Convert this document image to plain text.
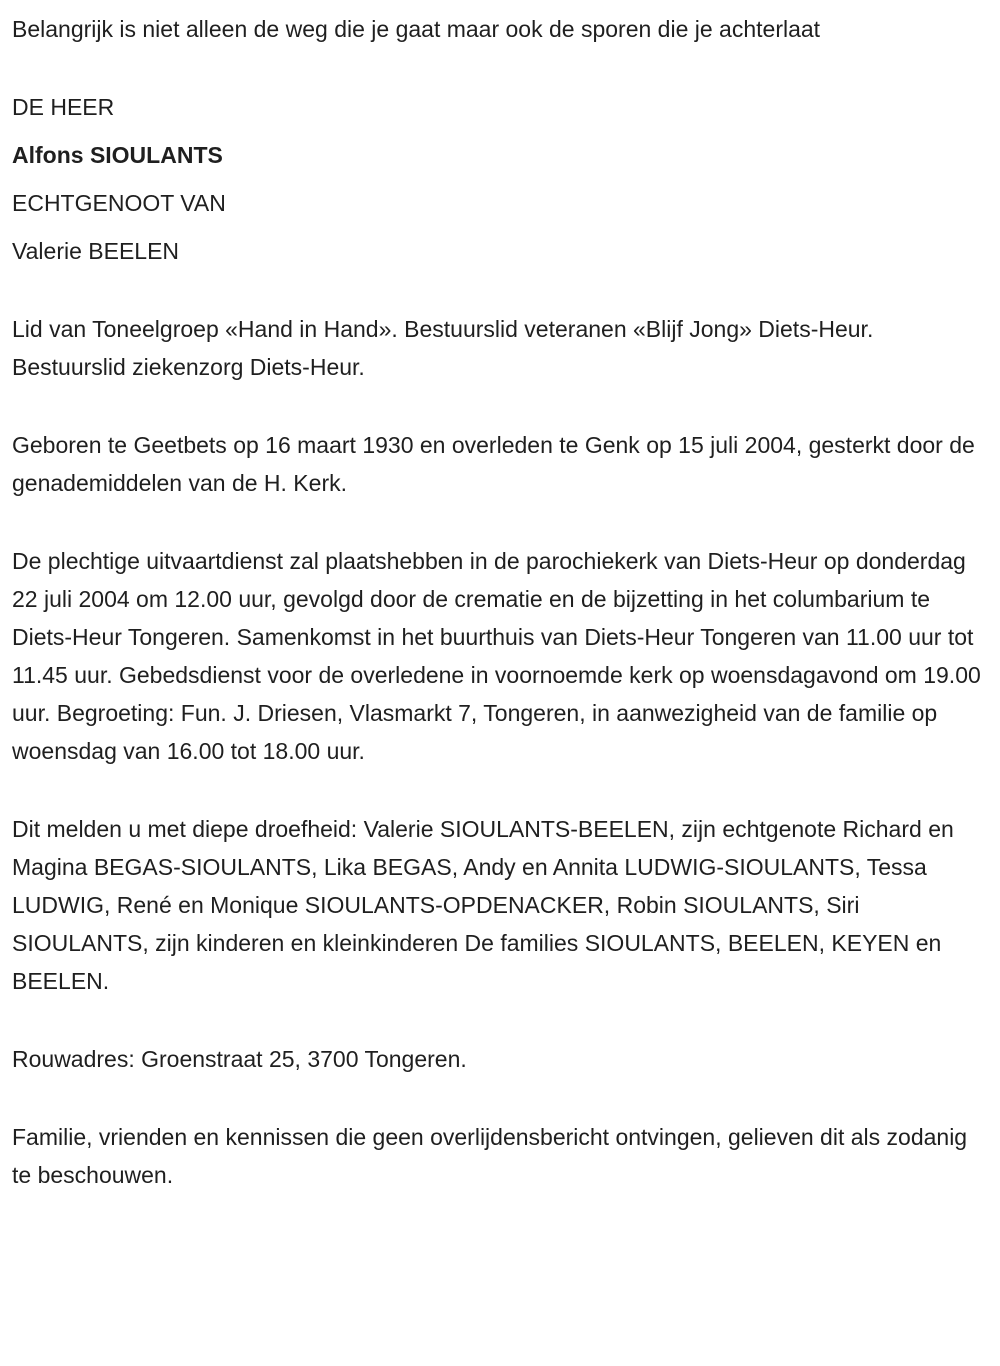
Belangrijk is niet alleen de weg die je gaat maar ook de sporen die je achterlaat

DE HEER
Alfons SIOULANTS
ECHTGENOOT VAN
Valerie BEELEN

Lid van Toneelgroep «Hand in Hand». Bestuurslid veteranen «Blijf Jong» Diets-Heur. Bestuurslid ziekenzorg Diets-Heur.

Geboren te Geetbets op 16 maart 1930 en overleden te Genk op 15 juli 2004, gesterkt door de genademiddelen van de H. Kerk.

De plechtige uitvaartdienst zal plaatshebben in de parochiekerk van Diets-Heur op donderdag 22 juli 2004 om 12.00 uur, gevolgd door de crematie en de bijzetting in het columbarium te Diets-Heur Tongeren. Samenkomst in het buurthuis van Diets-Heur Tongeren van 11.00 uur tot 11.45 uur. Gebedsdienst voor de overledene in voornoemde kerk op woensdagavond om 19.00 uur. Begroeting: Fun. J. Driesen, Vlasmarkt 7, Tongeren, in aanwezigheid van de familie op woensdag van 16.00 tot 18.00 uur.

Dit melden u met diepe droefheid: Valerie SIOULANTS-BEELEN, zijn echtgenote Richard en Magina BEGAS-SIOULANTS, Lika BEGAS, Andy en Annita LUDWIG-SIOULANTS, Tessa LUDWIG, René en Monique SIOULANTS-OPDENACKER, Robin SIOULANTS, Siri SIOULANTS, zijn kinderen en kleinkinderen De families SIOULANTS, BEELEN, KEYEN en BEELEN.

Rouwadres: Groenstraat 25, 3700 Tongeren.

Familie, vrienden en kennissen die geen overlijdensbericht ontvingen, gelieven dit als zodanig te beschouwen.
